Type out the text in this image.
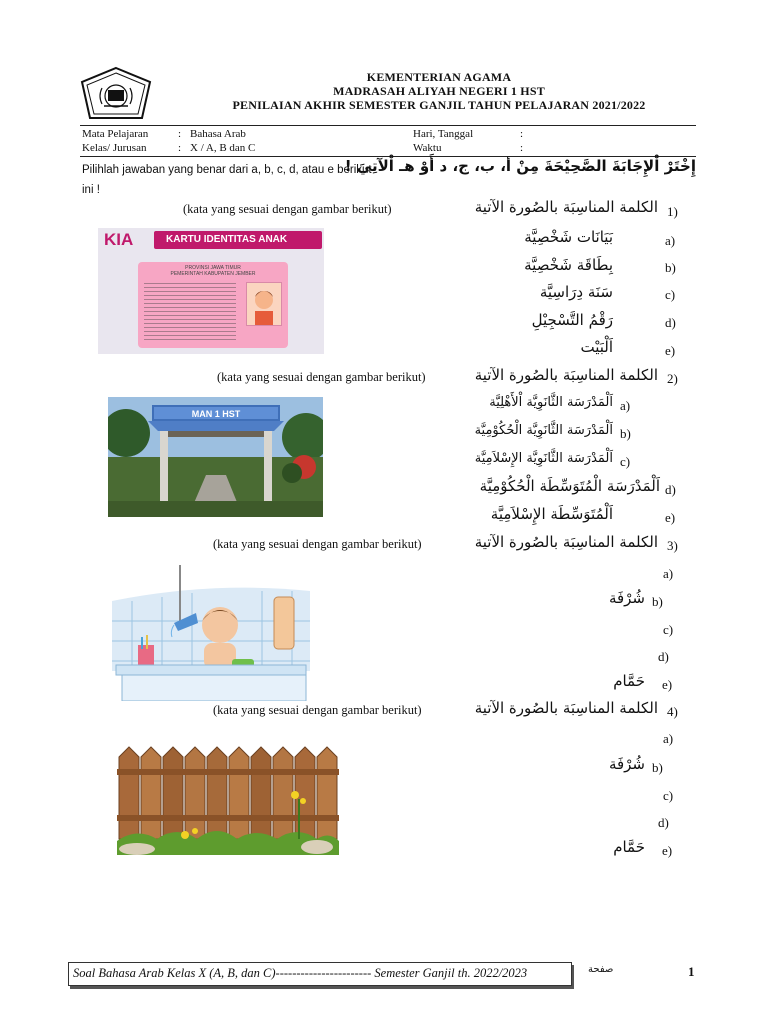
KEMENTERIAN AGAMA
MADRASAH ALIYAH NEGERI 1 HST
PENILAIAN AKHIR SEMESTER GANJIL TAHUN PELAJARAN 2021/2022
Mata Pelajaran	: Bahasa Arab	Hari, Tanggal	:
Kelas/ Jurusan	: X / A, B dan C	Waktu	:
Pilihlah jawaban yang benar dari a, b, c, d, atau e berikut
ini !
إِخْتَرْ اْلإِجَابَةَ الصَّحِيْحَةَ مِنْ أ، ب، ج، د أَوْ هـ اْلآتِيَ !
(kata yang sesuai dengan gambar berikut)	الكلمة المناسِبَة بالصُورة الآتية 1)
KIA	KARTU IDENTITAS ANAK
PROVINSI JAWA TIMUR
PEMERINTAH KABUPATEN JEMBER
بَيَانَات شَخْصِيَّة	a)
بِطَاقَة شَخْصِيَّة	b)
سَنَة دِرَاسِيَّة	c)
رَقْمُ التَّسْجِيْلِ	d)
اَلْبَيْت	e)
(kata yang sesuai dengan gambar berikut)	الكلمة المناسِبَة بالصُورة الآتية 2)
MAN 1 HST
اَلْمَدْرَسَة الثَّانَوِيَّة اْلأَهْلِيَّة a)
اَلْمَدْرَسَة الثَّانَوِيَّة الْحُكُوْمِيَّة b)
اَلْمَدْرَسَة الثَّانَوِيَّة الإِسْلاَمِيَّة c)
اَلْمَدْرَسَة الْمُتَوَسِّطَة الْحُكُوْمِيَّة d)
اَلْمُتَوَسِّطَة الإِسْلاَمِيَّة	e)
(kata yang sesuai dengan gambar berikut)	الكلمة المناسِبَة بالصُورة الآتية 3)
a)
شُرْفَة b)
c)
d)
حَمَّام e)
(kata yang sesuai dengan gambar berikut)	الكلمة المناسِبَة بالصُورة الآتية 4)
a)
شُرْفَة b)
c)
d)
حَمَّام e)
Soal Bahasa Arab Kelas X (A, B, dan C)----------------------- Semester Ganjil th. 2022/2023	صفحة	1
